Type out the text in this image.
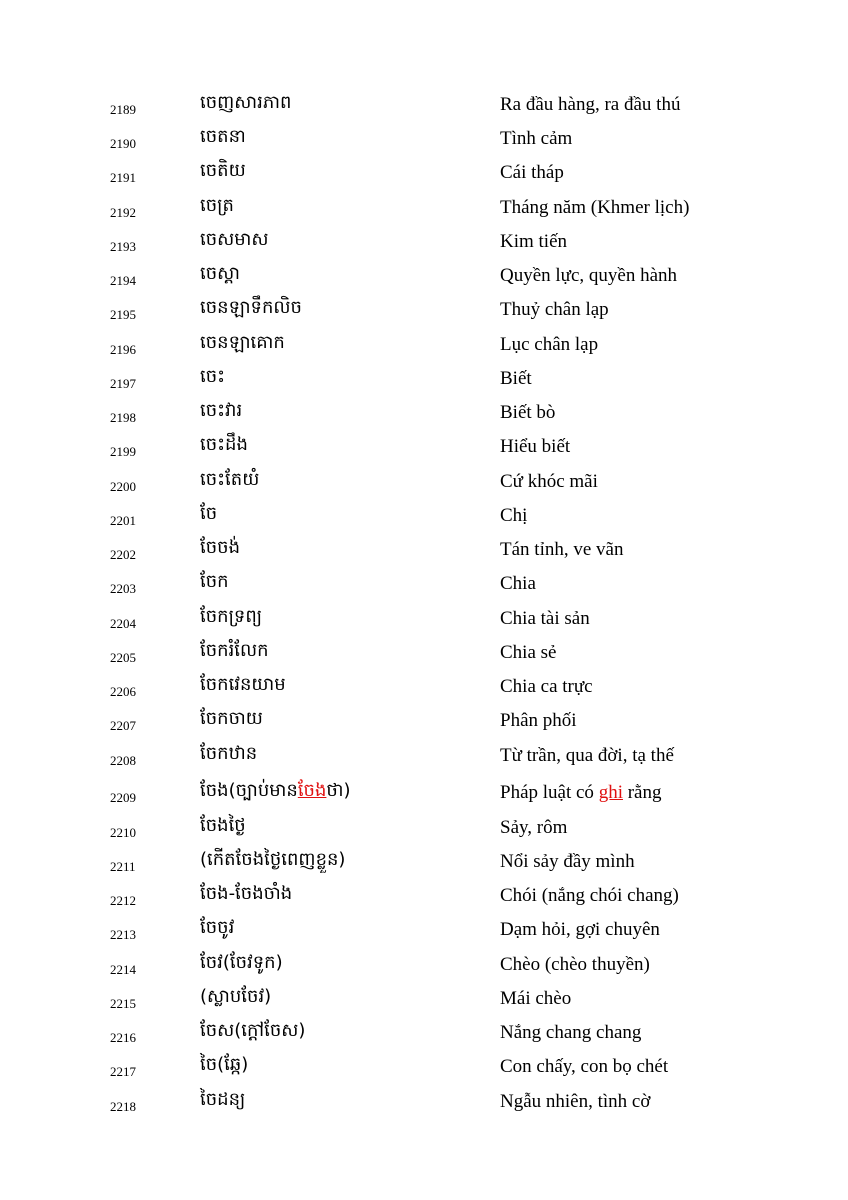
2189	ចេញសារភាព	Ra đầu hàng, ra đầu thú
2190	ចេតនា	Tình cảm
2191	ចេតិយ	Cái tháp
2192	ចេត្រ	Tháng năm (Khmer lịch)
2193	ចេសមាស	Kim tiến
2194	ចេស្តា	Quyền lực, quyền hành
2195	ចេនឡាទឹកលិច	Thuỷ chân lạp
2196	ចេនឡាគោក	Lục chân lạp
2197	ចេះ	Biết
2198	ចេះវារ	Biết bò
2199	ចេះដឹង	Hiểu biết
2200	ចេះតែយំ	Cứ khóc mãi
2201	ចែ	Chị
2202	ចែចង់	Tán tỉnh, ve vãn
2203	ចែក	Chia
2204	ចែកទ្រព្យ	Chia tài sản
2205	ចែករំលែក	Chia sẻ
2206	ចែកវេនយាម	Chia ca trực
2207	ចែកចាយ	Phân phối
2208	ចែកឋាន	Từ trần, qua đời, tạ thế
2209	ចែង(ច្បាប់មានចែងថា)	Pháp luật có ghi rằng
2210	ចែងថ្ងៃ	Sảy, rôm
2211	(កើតចែងថ្ងៃពេញខ្លួន)	Nổi sảy đầy mình
2212	ចែង-ចែងចាំង	Chói (nắng chói chang)
2213	ចែចូវ	Dạm hỏi, gợi chuyên
2214	ចែវ(ចែវទូក)	Chèo (chèo thuyền)
2215	(ស្លាបចែវ)	Mái chèo
2216	ចែស(ក្ដៅចែស)	Nắng chang chang
2217	ចៃ(ឆ្កែ)	Con chấy, con bọ chét
2218	ចៃដន្យ	Ngẫu nhiên, tình cờ
